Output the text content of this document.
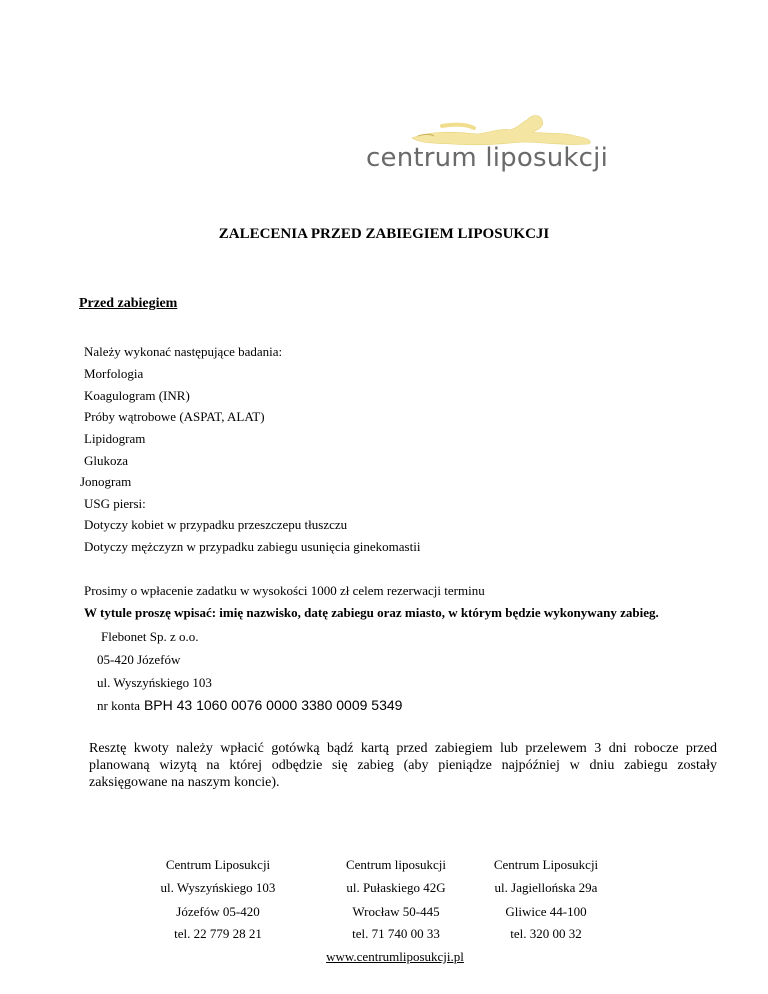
centrum liposukcji
ZALECENIA PRZED ZABIEGIEM LIPOSUKCJI
Przed zabiegiem
Należy wykonać następujące badania:
Morfologia
Koagulogram (INR)
Próby wątrobowe (ASPAT, ALAT)
Lipidogram
Glukoza
Jonogram
USG piersi:
Dotyczy kobiet w przypadku przeszczepu tłuszczu
Dotyczy mężczyzn w przypadku zabiegu usunięcia ginekomastii
Prosimy o wpłacenie zadatku w wysokości 1000 zł celem rezerwacji terminu
W tytule proszę wpisać: imię nazwisko, datę zabiegu oraz miasto, w którym będzie wykonywany zabieg.
Flebonet Sp. z o.o.
05-420 Józefów
ul. Wyszyńskiego 103
nr konta BPH 43 1060 0076 0000 3380 0009 5349
Resztę kwoty należy wpłacić gotówką bądź kartą przed zabiegiem lub przelewem 3 dni robocze przed planowaną wizytą na której odbędzie się zabieg (aby pieniądze najpóźniej w dniu zabiegu zostały zaksięgowane na naszym koncie).
Centrum Liposukcji
ul. Wyszyńskiego 103
Józefów 05-420
tel. 22 779 28 21
Centrum liposukcji
ul. Pułaskiego 42G
Wrocław 50-445
tel. 71 740 00 33
Centrum Liposukcji
ul. Jagiellońska 29a
Gliwice 44-100
tel. 320 00 32
www.centrumliposukcji.pl
